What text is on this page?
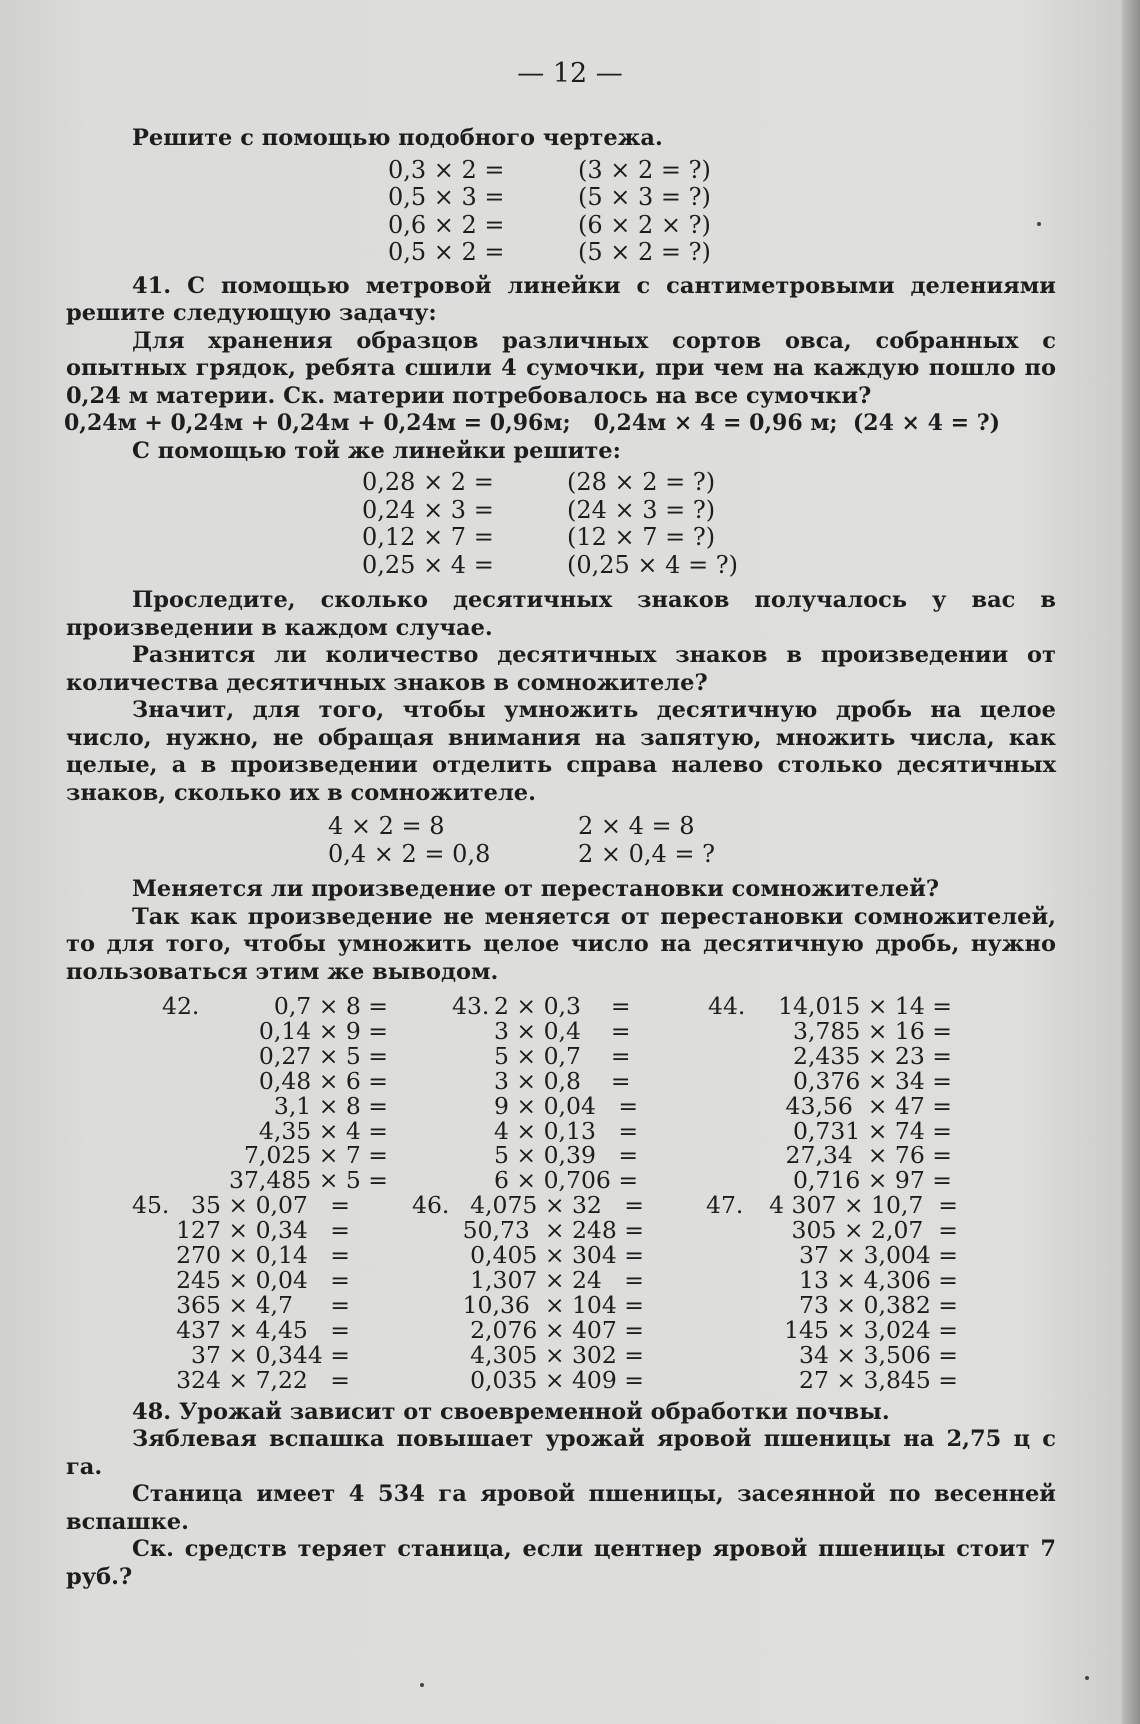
— 12 —

Решите с помощью подобного чертежа.

0,3 × 2 =	(3 × 2 = ?)
0,5 × 3 =	(5 × 3 = ?)
0,6 × 2 =	(6 × 2 × ?)
0,5 × 2 =	(5 × 2 = ?)

41. С помощью метровой линейки с сантиметровыми делениями решите следующую задачу:

Для хранения образцов различных сортов овса, собранных с опытных грядок, ребята сшили 4 сумочки, при чем на каждую пошло по 0,24 м материи. Ск. материи потребовалось на все сумочки?

0,24м + 0,24м + 0,24м + 0,24м = 0,96м;   0,24м × 4 = 0,96 м;  (24 × 4 = ?)

С помощью той же линейки решите:

0,28 × 2 =	(28 × 2 = ?)
0,24 × 3 =	(24 × 3 = ?)
0,12 × 7 =	(12 × 7 = ?)
0,25 × 4 =	(0,25 × 4 = ?)

Проследите, сколько десятичных знаков получалось у вас в произведении в каждом случае.

Разнится ли количество десятичных знаков в произведении от количества десятичных знаков в сомножителе?

Значит, для того, чтобы умножить десятичную дробь на целое число, нужно, не обращая внимания на запятую, множить числа, как целые, а в произведении отделить справа налево столько десятичных знаков, сколько их в сомножителе.

4 × 2 = 8	2 × 4 = 8
0,4 × 2 = 0,8	2 × 0,4 = ?

Меняется ли произведение от перестановки сомножителей?

Так как произведение не меняется от перестановки сомножителей, то для того, чтобы умножить целое число на десятичную дробь, нужно пользоваться этим же выводом.

42.	0,7 × 8 =
0,14 × 9 =
0,27 × 5 =
0,48 × 6 =
3,1 × 8 =
4,35 × 4 =
7,025 × 7 =
37,485 × 5 =
43. 2 × 0,3    =
3 × 0,4    =
5 × 0,7    =
3 × 0,8    =
9 × 0,04   =
4 × 0,13   =
5 × 0,39   =
6 × 0,706 =
44.	14,015 × 14 =
3,785 × 16 =
2,435 × 23 =
0,376 × 34 =
43,56  × 47 =
0,731 × 74 =
27,34  × 76 =
0,716 × 97 =
45. 35 × 0,07   =
127 × 0,34   =
270 × 0,14   =
245 × 0,04   =
365 × 4,7     =
437 × 4,45   =
37 × 0,344 =
324 × 7,22   =
46. 4,075 × 32   =
50,73  × 248 =
0,405 × 304 =
1,307 × 24   =
10,36  × 104 =
2,076 × 407 =
4,305 × 302 =
0,035 × 409 =
47.	4 307 × 10,7  =
305 × 2,07  =
37 × 3,004 =
13 × 4,306 =
73 × 0,382 =
145 × 3,024 =
34 × 3,506 =
27 × 3,845 =

48. Урожай зависит от своевременной обработки почвы.

Зяблевая вспашка повышает урожай яровой пшеницы на 2,75 ц с га.

Станица имеет 4 534 га яровой пшеницы, засеянной по весенней вспашке.

Ск. средств теряет станица, если центнер яровой пшеницы стоит 7 руб.?
